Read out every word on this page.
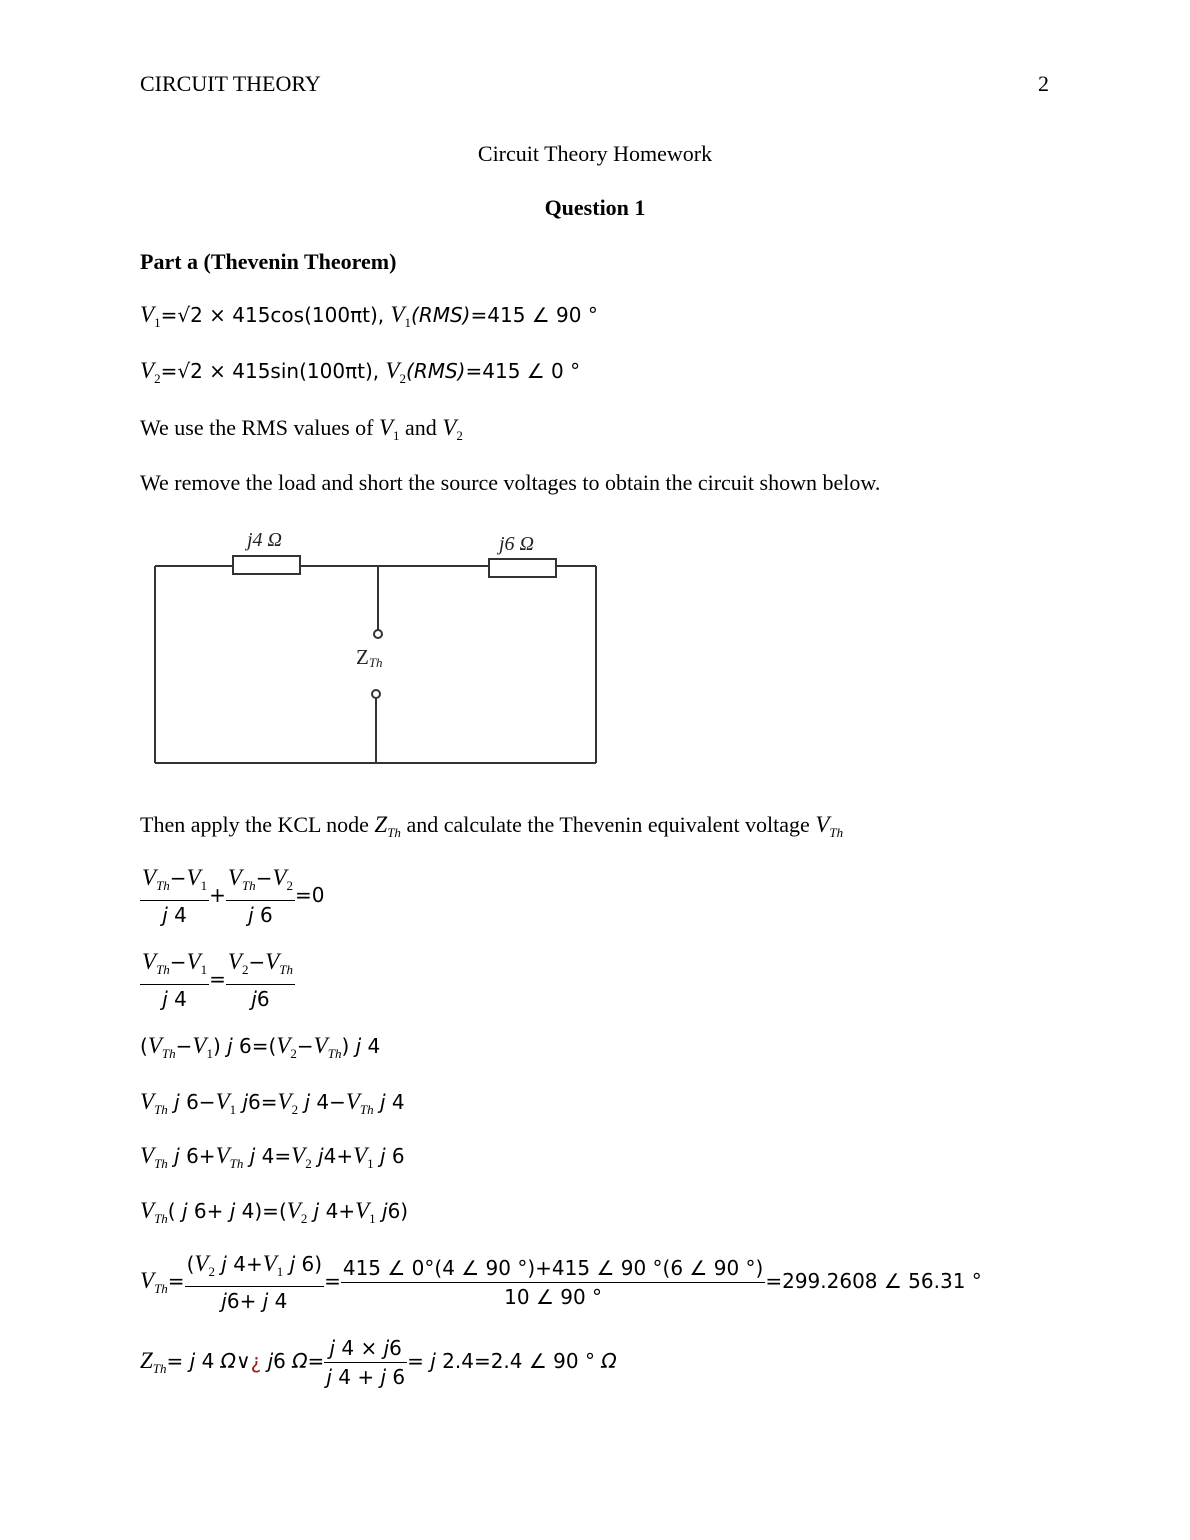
CIRCUIT THEORY	2
Circuit Theory Homework
Question 1
Part a (Thevenin Theorem)
$V_1=√2 \times 415\cos(100\pi t)$, $V_1(RMS)=415$ ∠ 90 °
$V_2=√2 \times 415\sin(100\pi t)$, $V_2(RMS)=415$ ∠ 0 °
We use the RMS values of $V_1$ and $V_2$
We remove the load and short the source voltages to obtain the circuit shown below.
j4 Ω	j6 Ω
ZTh
Then apply the KCL node $Z_{Th}$ and calculate the Thevenin equivalent voltage $V_{Th}$
$\frac{V_{Th}-V_1}{j 4} + \frac{V_{Th}-V_2}{j 6} =0$
$\frac{V_{Th}-V_1}{j 4} = \frac{V_2-V_{Th}}{j6}$
$(V_{Th}-V_1)$ j $6=(V_2-V_{Th})$ j 4
$V_{Th}$ j $6-V_1$ $j6=V_2$ j $4-V_{Th}$ j 4
$V_{Th}$ j $6+V_{Th}$ j $4=V_2$ $j4+V_1$ j 6
$V_{Th}$( j 6+ j $4)=(V_2$ j $4+V_1$ j6)
$V_{Th}= \frac{(V_2 j 4+V_1 j 6)}{j6+ j 4} = \frac{415 \angle 0^\circ(4 \angle 90 ^\circ)+415 \angle 90 ^\circ(6 \angle 90 ^\circ)}{10 \angle 90 ^\circ} =299.2608$ ∠ 56.31 °
$Z_{Th}= j$ 4 Ω∨¿ j6 $\Omega= \frac{j 4 \times j6}{j 4 + j 6} = j$ 2.4=2.4 ∠ 90 ° Ω
